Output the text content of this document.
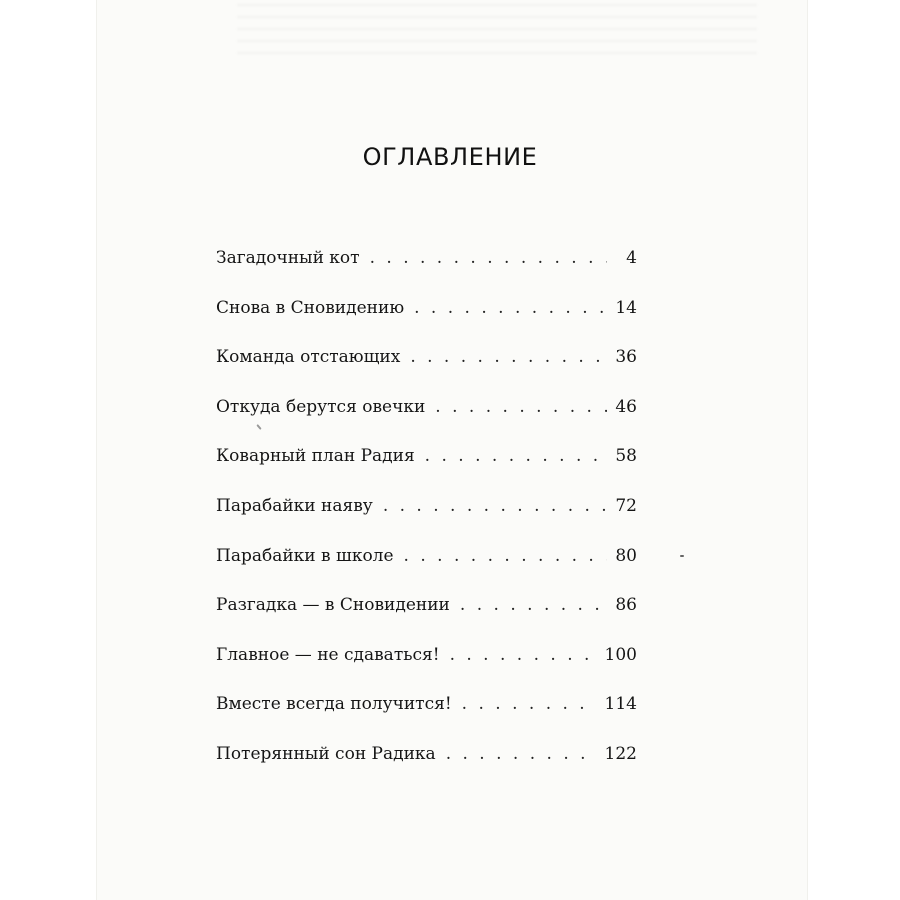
ОГЛАВЛЕНИЕ
Загадочный кот . . .	4
Снова в Сновидению . . .	14
Команда отстающих . . .	36
Откуда берутся овечки . . .	46
Коварный план Радия . . .	58
Парабайки наяву . . .	72
Парабайки в школе . . .	80
Разгадка — в Сновидении . . .	86
Главное — не сдаваться! . . .	100
Вместе всегда получится! . . .	114
Потерянный сон Радика . . .	122
